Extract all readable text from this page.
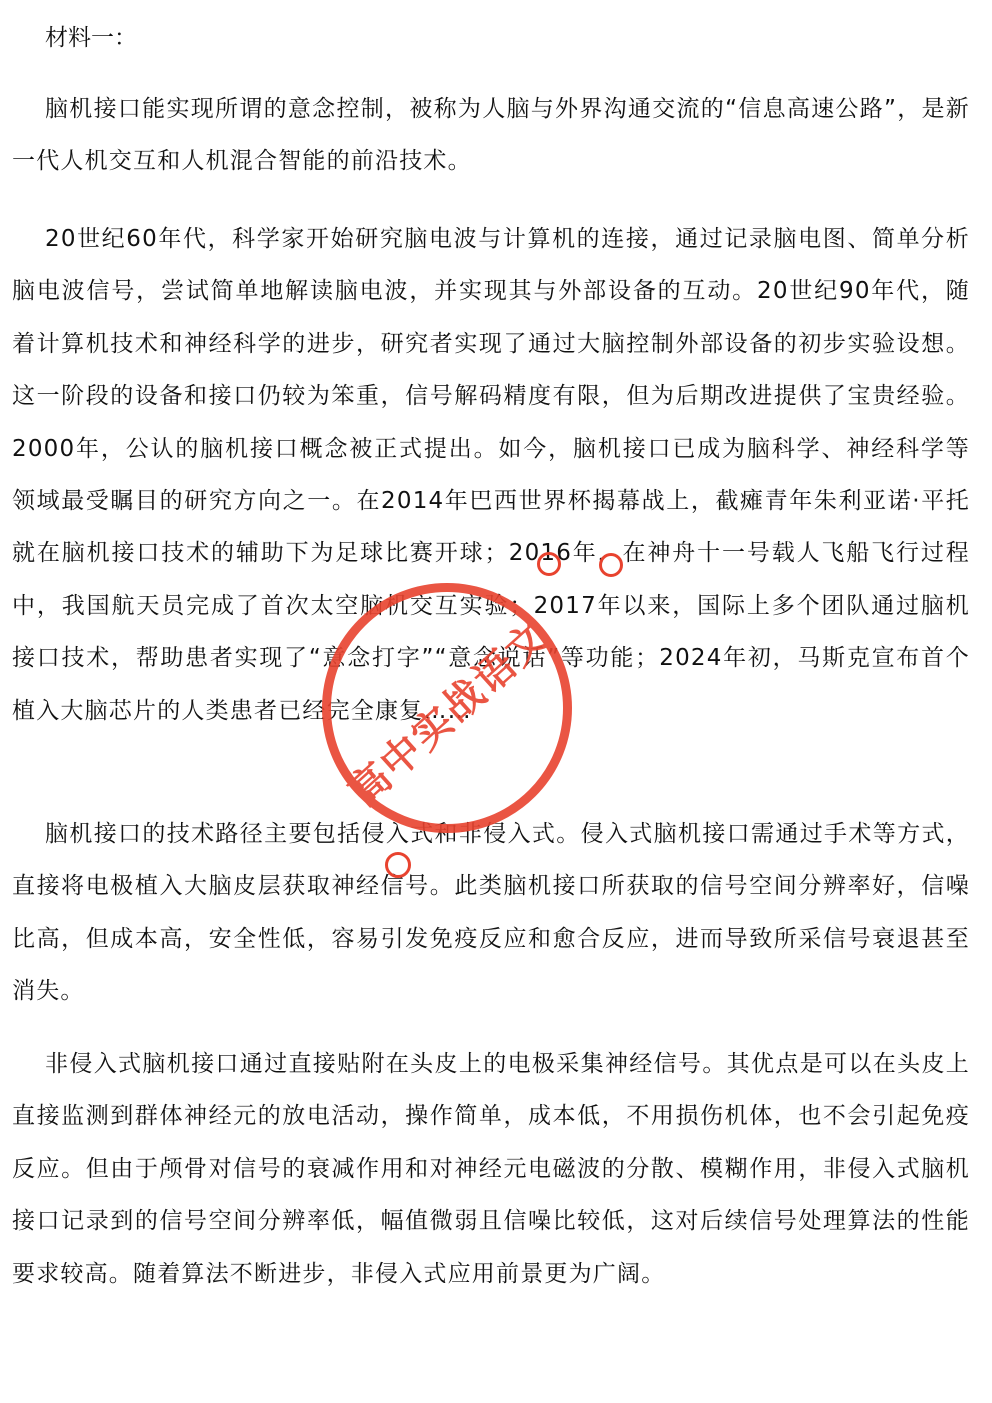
材料一：

脑机接口能实现所谓的意念控制，被称为人脑与外界沟通交流的“信息高速公路”，是新一代人机交互和人机混合智能的前沿技术。

20世纪60年代，科学家开始研究脑电波与计算机的连接，通过记录脑电图、简单分析脑电波信号，尝试简单地解读脑电波，并实现其与外部设备的互动。20世纪90年代，随着计算机技术和神经科学的进步，研究者实现了通过大脑控制外部设备的初步实验设想。这一阶段的设备和接口仍较为笨重，信号解码精度有限，但为后期改进提供了宝贵经验。2000年，公认的脑机接口概念被正式提出。如今，脑机接口已成为脑科学、神经科学等领域最受瞩目的研究方向之一。在2014年巴西世界杯揭幕战上，截瘫青年朱利亚诺·平托就在脑机接口技术的辅助下为足球比赛开球；2016年，在神舟十一号载人飞船飞行过程中，我国航天员完成了首次太空脑机交互实验；2017年以来，国际上多个团队通过脑机接口技术，帮助患者实现了“意念打字”“意念说话”等功能；2024年初，马斯克宣布首个植入大脑芯片的人类患者已经完全康复……

脑机接口的技术路径主要包括侵入式和非侵入式。侵入式脑机接口需通过手术等方式，直接将电极植入大脑皮层获取神经信号。此类脑机接口所获取的信号空间分辨率好，信噪比高，但成本高，安全性低，容易引发免疫反应和愈合反应，进而导致所采信号衰退甚至消失。

非侵入式脑机接口通过直接贴附在头皮上的电极采集神经信号。其优点是可以在头皮上直接监测到群体神经元的放电活动，操作简单，成本低，不用损伤机体，也不会引起免疫反应。但由于颅骨对信号的衰减作用和对神经元电磁波的分散、模糊作用，非侵入式脑机接口记录到的信号空间分辨率低，幅值微弱且信噪比较低，这对后续信号处理算法的性能要求较高。随着算法不断进步，非侵入式应用前景更为广阔。

高中实战语文
